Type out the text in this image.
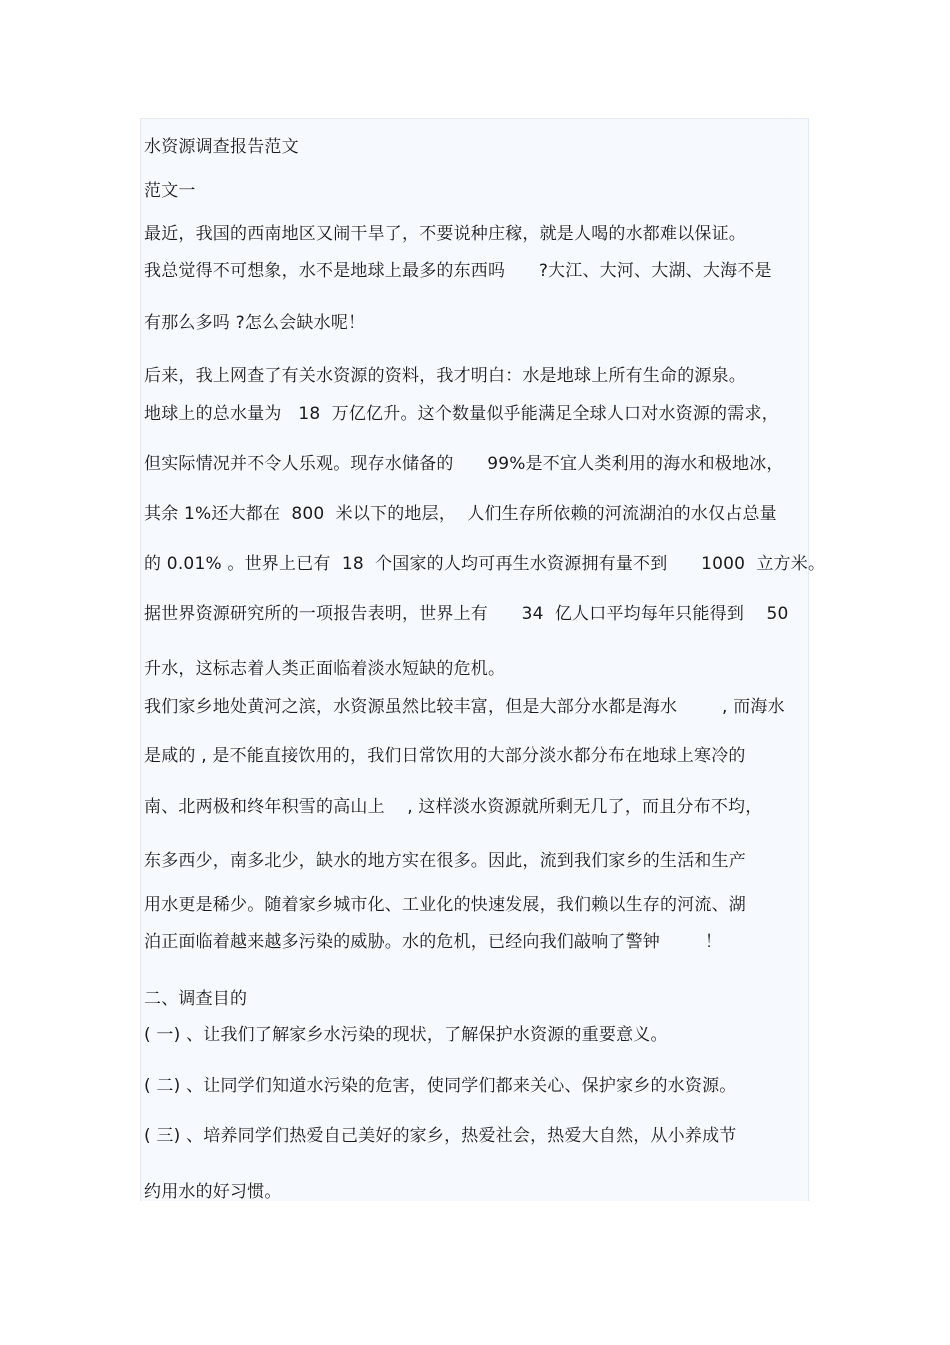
水资源调查报告范文
范文一
最近，我国的西南地区又闹干旱了，不要说种庄稼，就是人喝的水都难以保证。
我总觉得不可想象，水不是地球上最多的东西吗      ?大江、大河、大湖、大海不是
有那么多吗 ?怎么会缺水呢！
后来，我上网查了有关水资源的资料，我才明白：水是地球上所有生命的源泉。
地球上的总水量为   18  万亿亿升。这个数量似乎能满足全球人口对水资源的需求，
但实际情况并不令人乐观。现存水储备的      99%是不宜人类利用的海水和极地冰，
其余 1%还大都在  800  米以下的地层，  人们生存所依赖的河流湖泊的水仅占总量
的 0.01% 。世界上已有  18  个国家的人均可再生水资源拥有量不到      1000  立方米。
据世界资源研究所的一项报告表明，世界上有      34  亿人口平均每年只能得到    50
升水，这标志着人类正面临着淡水短缺的危机。
我们家乡地处黄河之滨，水资源虽然比较丰富，但是大部分水都是海水        , 而海水
是咸的 , 是不能直接饮用的，我们日常饮用的大部分淡水都分布在地球上寒冷的
南、北两极和终年积雪的高山上    , 这样淡水资源就所剩无几了，而且分布不均，
东多西少，南多北少，缺水的地方实在很多。因此，流到我们家乡的生活和生产
用水更是稀少。随着家乡城市化、工业化的快速发展，我们赖以生存的河流、湖
泊正面临着越来越多污染的威胁。水的危机，已经向我们敲响了警钟        ！
二、调查目的
( 一) 、让我们了解家乡水污染的现状，了解保护水资源的重要意义。
( 二) 、让同学们知道水污染的危害，使同学们都来关心、保护家乡的水资源。
( 三) 、培养同学们热爱自己美好的家乡，热爱社会，热爱大自然，从小养成节
约用水的好习惯。
